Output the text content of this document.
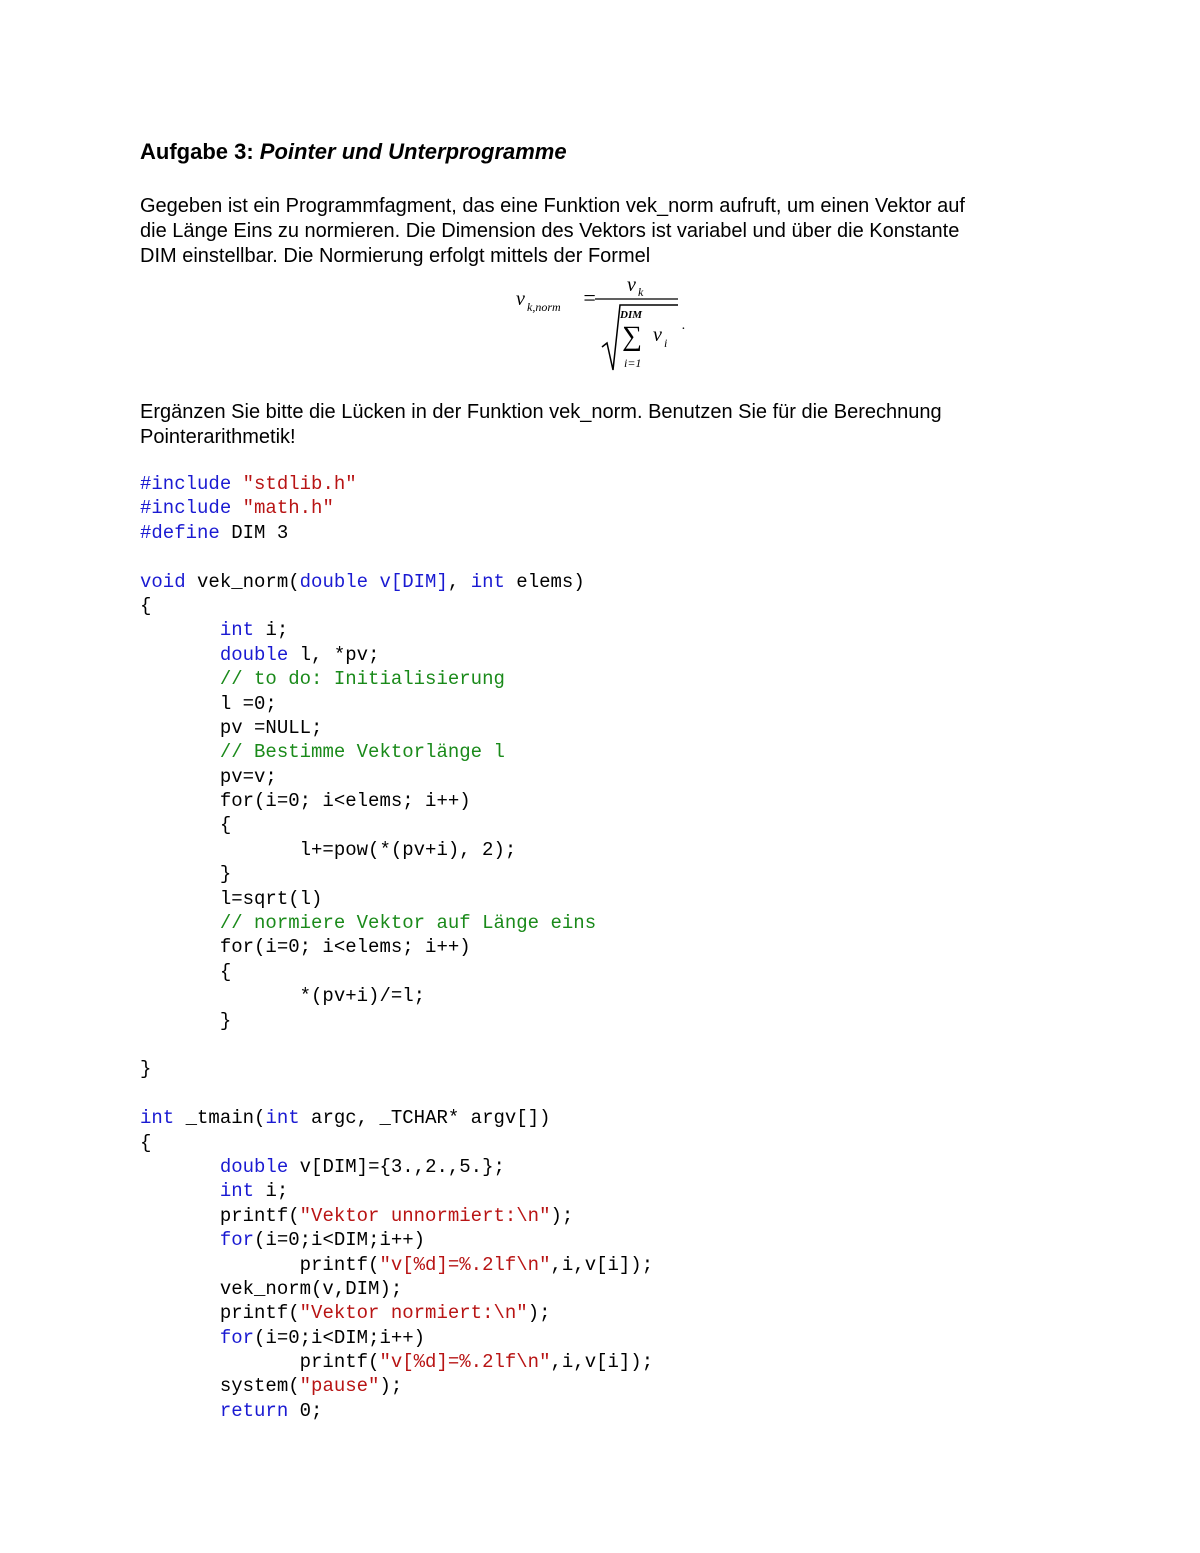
Aufgabe 3: Pointer und Unterprogramme
Gegeben ist ein Programmfagment, das eine Funktion vek_norm aufruft, um einen Vektor auf
die Länge Eins zu normieren. Die Dimension des Vektors ist variabel und über die Konstante
DIM einstellbar. Die Normierung erfolgt mittels der Formel
v k,norm = v k
DIM
∑
i=1
v i
.
Ergänzen Sie bitte die Lücken in der Funktion vek_norm. Benutzen Sie für die Berechnung
Pointerarithmetik!
#include "stdlib.h"
#include "math.h"
#define DIM 3

void vek_norm(double v[DIM], int elems)
{
int i;
double l, *pv;
// to do: Initialisierung
l =0;
pv =NULL;
// Bestimme Vektorlänge l
pv=v;
for(i=0; i<elems; i++)
{
l+=pow(*(pv+i), 2);
}
l=sqrt(l)
// normiere Vektor auf Länge eins
for(i=0; i<elems; i++)
{
*(pv+i)/=l;
}

}

int _tmain(int argc, _TCHAR* argv[])
{
double v[DIM]={3.,2.,5.};
int i;
printf("Vektor unnormiert:\n");
for(i=0;i<DIM;i++)
printf("v[%d]=%.2lf\n",i,v[i]);
vek_norm(v,DIM);
printf("Vektor normiert:\n");
for(i=0;i<DIM;i++)
printf("v[%d]=%.2lf\n",i,v[i]);
system("pause");
return 0;
